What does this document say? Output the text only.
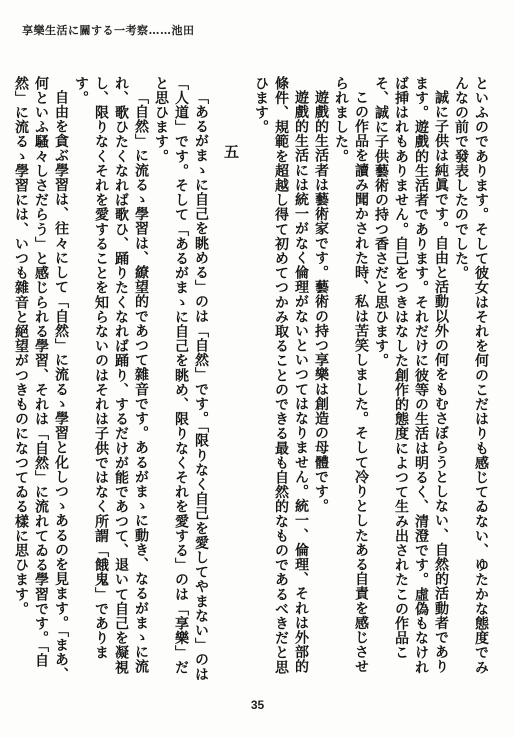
享樂生活に關する一考察……池田

といふのであります。そして彼女はそれを何のこだはりも感じてゐない、ゆたかな態度でみんなの前で發表したのでした。

誠に子供は純眞です。自由と活動以外の何をもむさぼらうとしない、自然的活動者であります。遊戲的生活者であります。それだけに彼等の生活は明るく、清澄です。虛偽もなければ挿はれもありません。自己をつきはなした創作的態度によつて生み出されたこの作品こそ、誠に子供藝術の持つ香さだと思ひます。

この作品を讀み聞かされた時、私は苦笑しました。そして冷りとしたある自責を感じさせられました。

遊戲的生活者は藝術家です。藝術の持つ享樂は創造の母體です。

遊戲的生活には統一がなく倫理がないといつてはなりません。統一、倫理、それは外部的條件、規範を超越し得て初めてつかみ取ることのできる最も自然的なものであるべきだと思ひます。

五

「あるがまゝに自己を眺める」のは「自然」です。「限りなく自己を愛してやまない」のは「人道」です。そして「あるがまゝに自己を眺め、限りなくそれを愛する」のは「享樂」だと思ひます。

「自然」に流るゝ學習は、繚望的であつて雜音です。あるがまゝに動き、なるがまゝに流れ、歌ひたくなれば歌ひ、踊りたくなれば踊り、するだけが能であつて、退いて自己を凝視し、限りなくそれを愛することを知らないのはそれは子供ではなく所謂「餓鬼」であります。

自由を貪ぶ學習は、往々にして「自然」に流るゝ學習と化しつゝあるのを見ます。「まあ、何といふ騷々しさだらう」と感じられる學習、それは「自然」に流れてゐる學習です。「自然」に流るゝ學習には、いつも雜音と絕望がつきものになつてゐる樣に思ひます。

35
